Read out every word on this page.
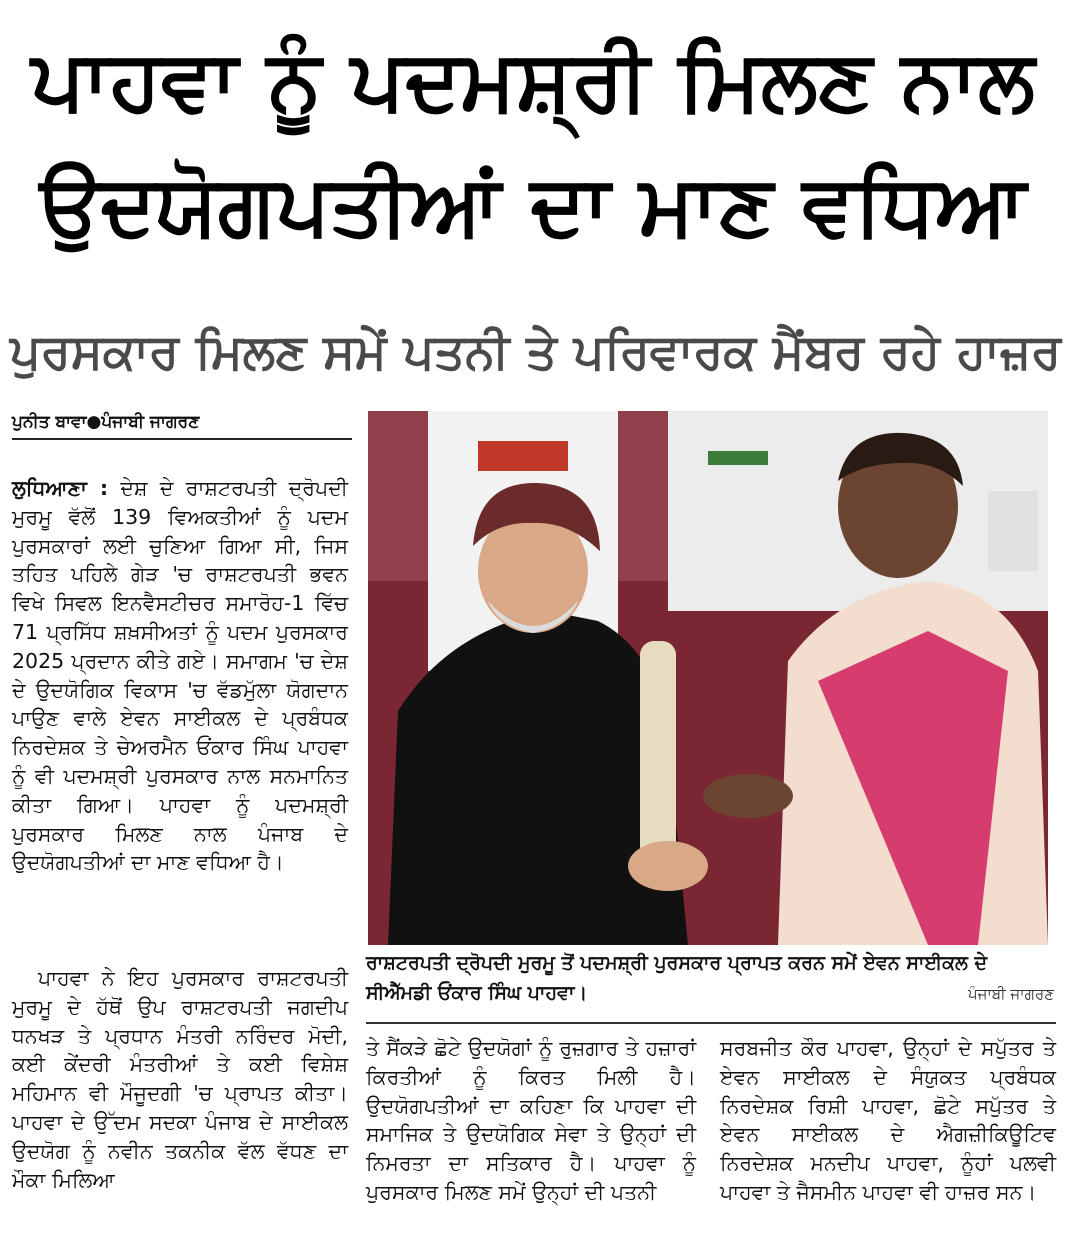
ਪਾਹਵਾ ਨੂੰ ਪਦਮਸ਼੍ਰੀ ਮਿਲਣ ਨਾਲ
ਉਦਯੋਗਪਤੀਆਂ ਦਾ ਮਾਣ ਵਧਿਆ
ਪੁਰਸਕਾਰ ਮਿਲਣ ਸਮੇਂ ਪਤਨੀ ਤੇ ਪਰਿਵਾਰਕ ਮੈਂਬਰ ਰਹੇ ਹਾਜ਼ਰ
ਪੁਨੀਤ ਬਾਵਾ●ਪੰਜਾਬੀ ਜਾਗਰਣ
ਲੁਧਿਆਣਾ : ਦੇਸ਼ ਦੇ ਰਾਸ਼ਟਰਪਤੀ ਦ੍ਰੋਪਦੀ ਮੁਰਮੂ ਵੱਲੋਂ 139 ਵਿਅਕਤੀਆਂ ਨੂੰ ਪਦਮ ਪੁਰਸਕਾਰਾਂ ਲਈ ਚੁਣਿਆ ਗਿਆ ਸੀ, ਜਿਸ ਤਹਿਤ ਪਹਿਲੇ ਗੇੜ 'ਚ ਰਾਸ਼ਟਰਪਤੀ ਭਵਨ ਵਿਖੇ ਸਿਵਲ ਇਨਵੈਸਟੀਚਰ ਸਮਾਰੋਹ-1 ਵਿੱਚ 71 ਪ੍ਰਸਿੱਧ ਸ਼ਖ਼ਸੀਅਤਾਂ ਨੂੰ ਪਦਮ ਪੁਰਸਕਾਰ 2025 ਪ੍ਰਦਾਨ ਕੀਤੇ ਗਏ। ਸਮਾਗਮ 'ਚ ਦੇਸ਼ ਦੇ ਉਦਯੋਗਿਕ ਵਿਕਾਸ 'ਚ ਵੱਡਮੁੱਲਾ ਯੋਗਦਾਨ ਪਾਉਣ ਵਾਲੇ ਏਵਨ ਸਾਈਕਲ ਦੇ ਪ੍ਰਬੰਧਕ ਨਿਰਦੇਸ਼ਕ ਤੇ ਚੇਅਰਮੈਨ ਓਂਕਾਰ ਸਿੰਘ ਪਾਹਵਾ ਨੂੰ ਵੀ ਪਦਮਸ਼੍ਰੀ ਪੁਰਸਕਾਰ ਨਾਲ ਸਨਮਾਨਿਤ ਕੀਤਾ ਗਿਆ। ਪਾਹਵਾ ਨੂੰ ਪਦਮਸ਼੍ਰੀ ਪੁਰਸਕਾਰ ਮਿਲਣ ਨਾਲ ਪੰਜਾਬ ਦੇ ਉਦਯੋਗਪਤੀਆਂ ਦਾ ਮਾਣ ਵਧਿਆ ਹੈ।
ਪਾਹਵਾ ਨੇ ਇਹ ਪੁਰਸਕਾਰ ਰਾਸ਼ਟਰਪਤੀ ਮੁਰਮੂ ਦੇ ਹੱਥੋਂ ਉਪ ਰਾਸ਼ਟਰਪਤੀ ਜਗਦੀਪ ਧਨਖੜ ਤੇ ਪ੍ਰਧਾਨ ਮੰਤਰੀ ਨਰਿੰਦਰ ਮੋਦੀ, ਕਈ ਕੇਂਦਰੀ ਮੰਤਰੀਆਂ ਤੇ ਕਈ ਵਿਸ਼ੇਸ਼ ਮਹਿਮਾਨ ਵੀ ਮੌਜੂਦਗੀ 'ਚ ਪ੍ਰਾਪਤ ਕੀਤਾ। ਪਾਹਵਾ ਦੇ ਉੱਦਮ ਸਦਕਾ ਪੰਜਾਬ ਦੇ ਸਾਈਕਲ ਉਦਯੋਗ ਨੂੰ ਨਵੀਨ ਤਕਨੀਕ ਵੱਲ ਵੱਧਣ ਦਾ ਮੌਕਾ ਮਿਲਿਆ
ਰਾਸ਼ਟਰਪਤੀ ਦ੍ਰੋਪਦੀ ਮੁਰਮੂ ਤੋਂ ਪਦਮਸ਼੍ਰੀ ਪੁਰਸਕਾਰ ਪ੍ਰਾਪਤ ਕਰਨ ਸਮੇਂ ਏਵਨ ਸਾਈਕਲ ਦੇ ਸੀਐੱਮਡੀ ਓਂਕਾਰ ਸਿੰਘ ਪਾਹਵਾ।	ਪੰਜਾਬੀ ਜਾਗਰਣ
ਤੇ ਸੈਂਕੜੇ ਛੋਟੇ ਉਦਯੋਗਾਂ ਨੂੰ ਰੁਜ਼ਗਾਰ ਤੇ ਹਜ਼ਾਰਾਂ ਕਿਰਤੀਆਂ ਨੂੰ ਕਿਰਤ ਮਿਲੀ ਹੈ। ਉਦਯੋਗਪਤੀਆਂ ਦਾ ਕਹਿਣਾ ਕਿ ਪਾਹਵਾ ਦੀ ਸਮਾਜਿਕ ਤੇ ਉਦਯੋਗਿਕ ਸੇਵਾ ਤੇ ਉਨ੍ਹਾਂ ਦੀ ਨਿਮਰਤਾ ਦਾ ਸਤਿਕਾਰ ਹੈ। ਪਾਹਵਾ ਨੂੰ ਪੁਰਸਕਾਰ ਮਿਲਣ ਸਮੇਂ ਉਨ੍ਹਾਂ ਦੀ ਪਤਨੀ
ਸਰਬਜੀਤ ਕੌਰ ਪਾਹਵਾ, ਉਨ੍ਹਾਂ ਦੇ ਸਪੁੱਤਰ ਤੇ ਏਵਨ ਸਾਈਕਲ ਦੇ ਸੰਯੁਕਤ ਪ੍ਰਬੰਧਕ ਨਿਰਦੇਸ਼ਕ ਰਿਸ਼ੀ ਪਾਹਵਾ, ਛੋਟੇ ਸਪੁੱਤਰ ਤੇ ਏਵਨ ਸਾਈਕਲ ਦੇ ਐਗਜ਼ੀਕਿਊਟਿਵ ਨਿਰਦੇਸ਼ਕ ਮਨਦੀਪ ਪਾਹਵਾ, ਨੂੰਹਾਂ ਪਲਵੀ ਪਾਹਵਾ ਤੇ ਜੈਸਮੀਨ ਪਾਹਵਾ ਵੀ ਹਾਜ਼ਰ ਸਨ।
